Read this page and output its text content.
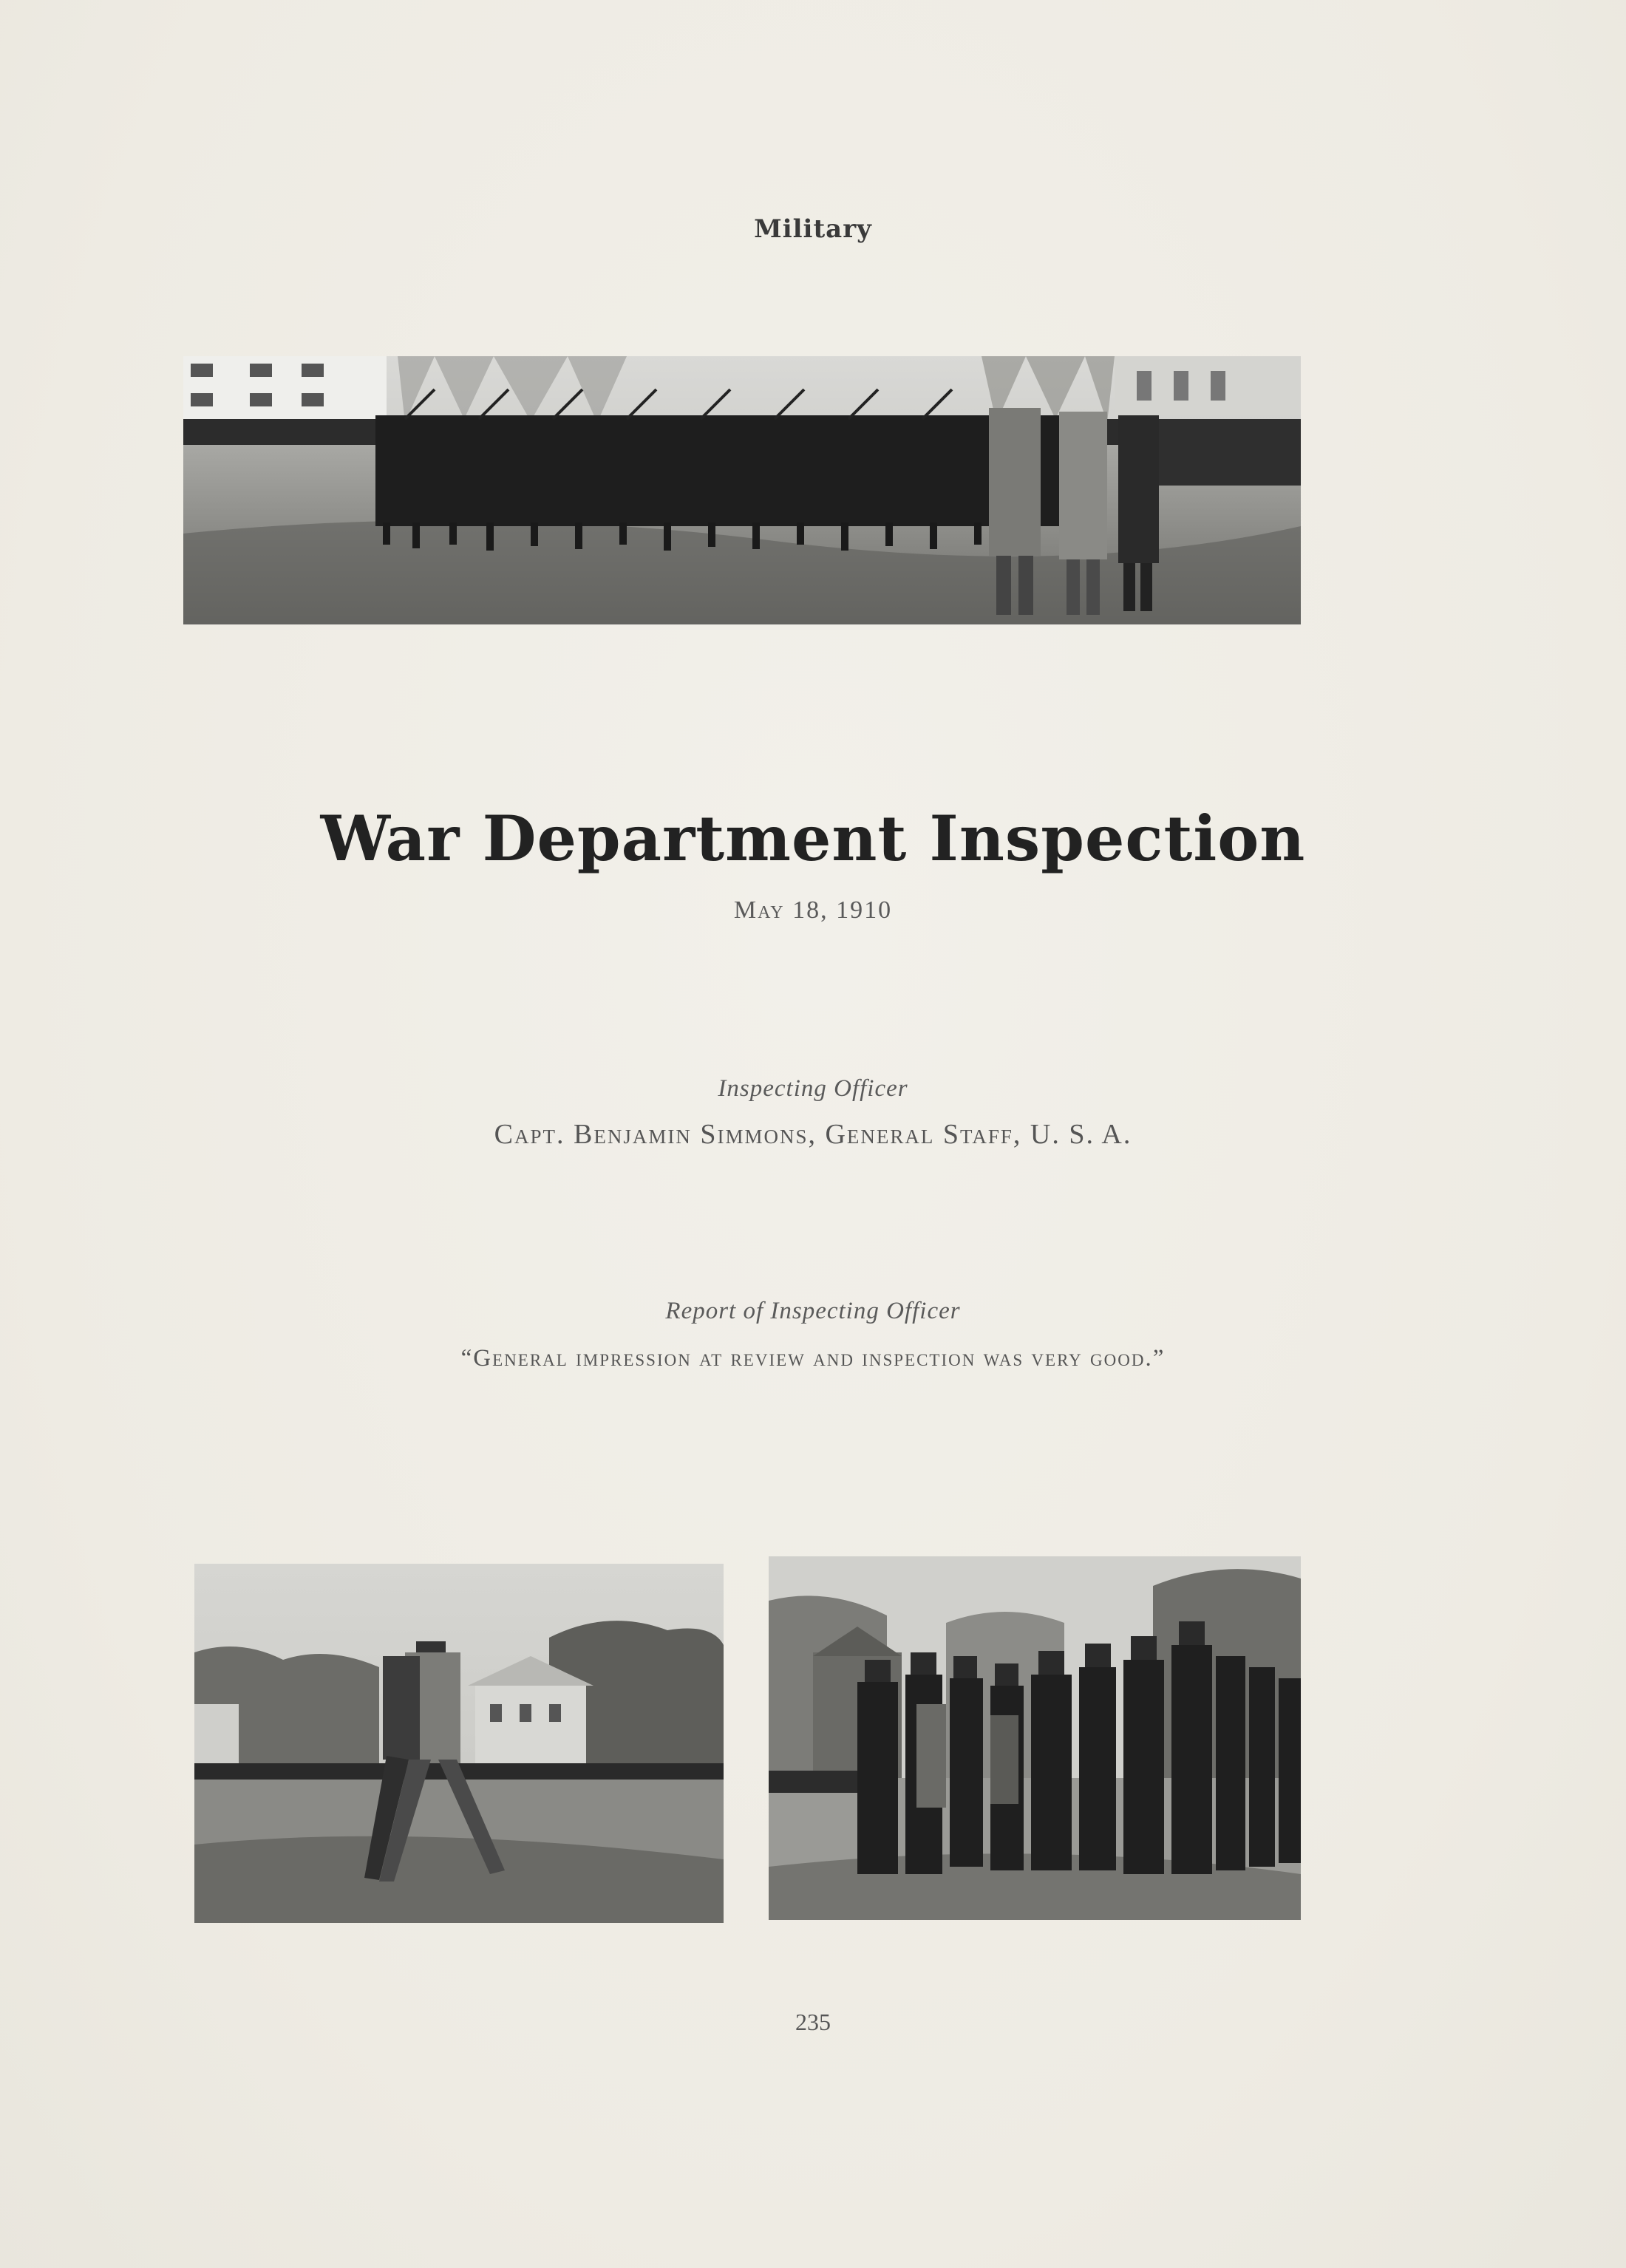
Military
War Department Inspection
May 18, 1910
Inspecting Officer
Capt. Benjamin Simmons, General Staff, U. S. A.
Report of Inspecting Officer
“General impression at review and inspection was very good.”
235
